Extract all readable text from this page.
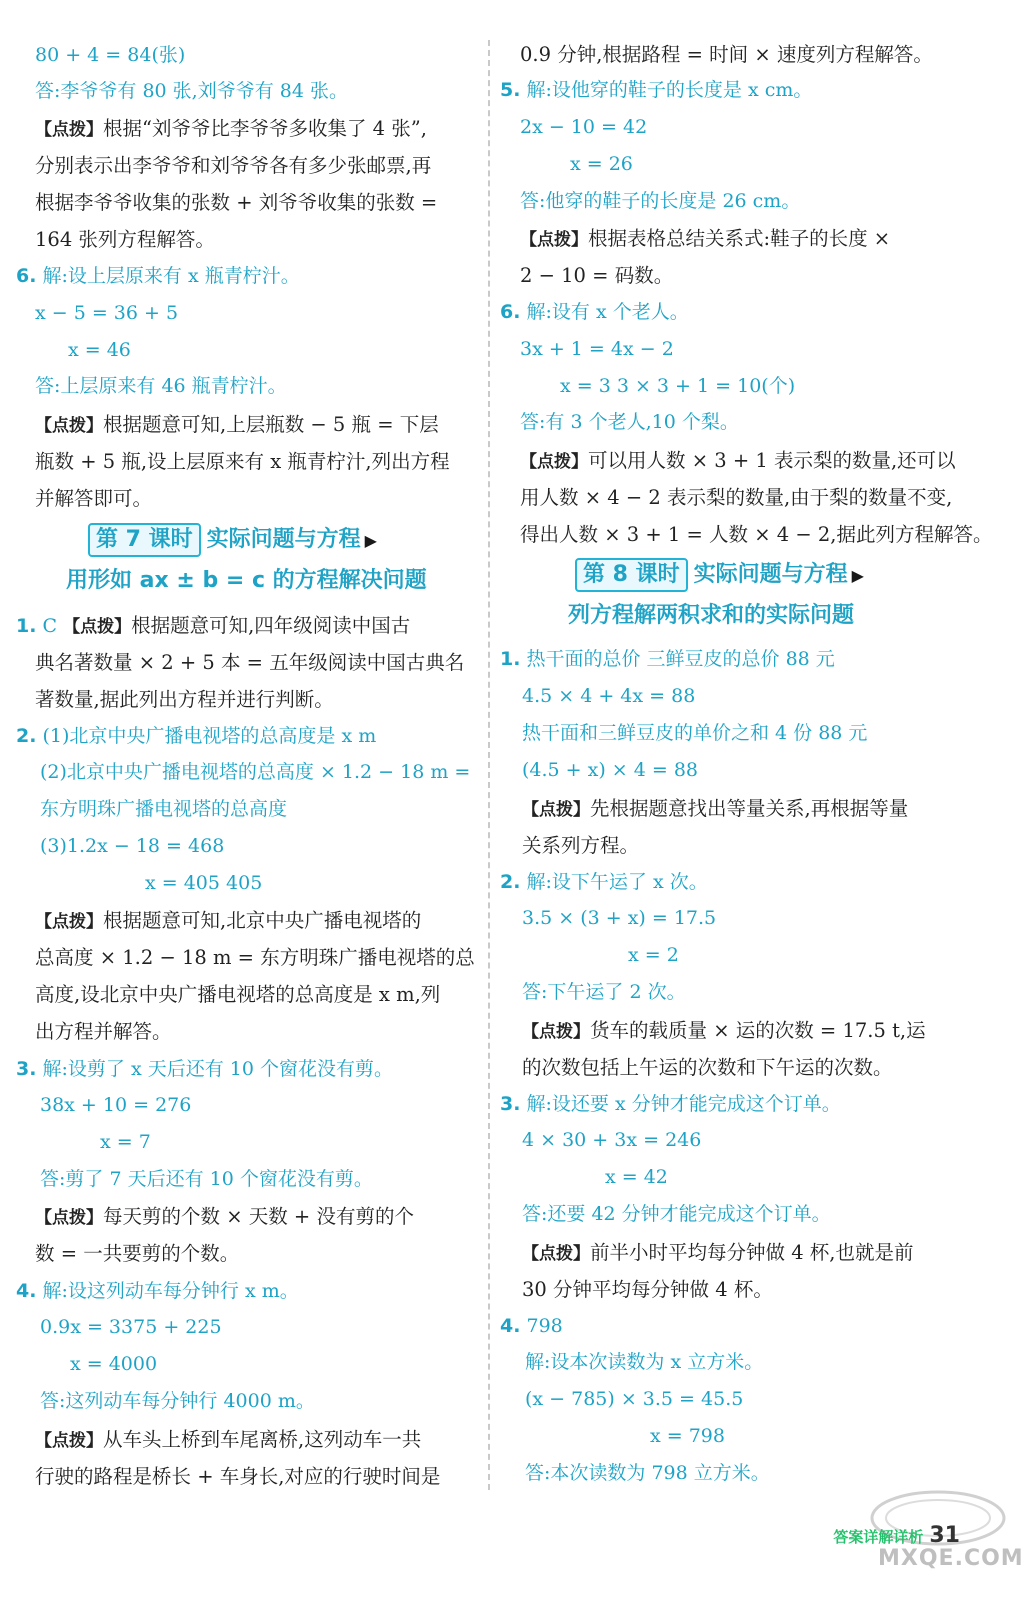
80 + 4 = 84(张)
答:李爷爷有 80 张,刘爷爷有 84 张。
【点拨】根据“刘爷爷比李爷爷多收集了 4 张”,
分别表示出李爷爷和刘爷爷各有多少张邮票,再
根据李爷爷收集的张数 + 刘爷爷收集的张数 =
164 张列方程解答。
6. 解:设上层原来有 x 瓶青柠汁。
x − 5 = 36 + 5
x = 46
答:上层原来有 46 瓶青柠汁。
【点拨】根据题意可知,上层瓶数 − 5 瓶 = 下层
瓶数 + 5 瓶,设上层原来有 x 瓶青柠汁,列出方程
并解答即可。
1. C 【点拨】根据题意可知,四年级阅读中国古
典名著数量 × 2 + 5 本 = 五年级阅读中国古典名
著数量,据此列出方程并进行判断。
2. (1)北京中央广播电视塔的总高度是 x m
(2)北京中央广播电视塔的总高度 × 1.2 − 18 m =
东方明珠广播电视塔的总高度
(3)1.2x − 18 = 468
x = 405 405
【点拨】根据题意可知,北京中央广播电视塔的
总高度 × 1.2 − 18 m = 东方明珠广播电视塔的总
高度,设北京中央广播电视塔的总高度是 x m,列
出方程并解答。
3. 解:设剪了 x 天后还有 10 个窗花没有剪。
38x + 10 = 276
x = 7
答:剪了 7 天后还有 10 个窗花没有剪。
【点拨】每天剪的个数 × 天数 + 没有剪的个
数 = 一共要剪的个数。
4. 解:设这列动车每分钟行 x m。
0.9x = 3375 + 225
x = 4000
答:这列动车每分钟行 4000 m。
【点拨】从车头上桥到车尾离桥,这列动车一共
行驶的路程是桥长 + 车身长,对应的行驶时间是
第 7 课时 实际问题与方程 ▶
用形如 ax ± b = c 的方程解决问题
0.9 分钟,根据路程 = 时间 × 速度列方程解答。
5. 解:设他穿的鞋子的长度是 x cm。
2x − 10 = 42
x = 26
答:他穿的鞋子的长度是 26 cm。
【点拨】根据表格总结关系式:鞋子的长度 ×
2 − 10 = 码数。
6. 解:设有 x 个老人。
3x + 1 = 4x − 2
x = 3 3 × 3 + 1 = 10(个)
答:有 3 个老人,10 个梨。
【点拨】可以用人数 × 3 + 1 表示梨的数量,还可以
用人数 × 4 − 2 表示梨的数量,由于梨的数量不变,
得出人数 × 3 + 1 = 人数 × 4 − 2,据此列方程解答。
1. 热干面的总价 三鲜豆皮的总价 88 元
4.5 × 4 + 4x = 88
热干面和三鲜豆皮的单价之和 4 份 88 元
(4.5 + x) × 4 = 88
【点拨】先根据题意找出等量关系,再根据等量
关系列方程。
2. 解:设下午运了 x 次。
3.5 × (3 + x) = 17.5
x = 2
答:下午运了 2 次。
【点拨】货车的载质量 × 运的次数 = 17.5 t,运
的次数包括上午运的次数和下午运的次数。
3. 解:设还要 x 分钟才能完成这个订单。
4 × 30 + 3x = 246
x = 42
答:还要 42 分钟才能完成这个订单。
【点拨】前半小时平均每分钟做 4 杯,也就是前
30 分钟平均每分钟做 4 杯。
4. 798
解:设本次读数为 x 立方米。
(x − 785) × 3.5 = 45.5
x = 798
答:本次读数为 798 立方米。
第 8 课时 实际问题与方程 ▶
列方程解两积求和的实际问题
MXQE.COM
答案详解详析 31
